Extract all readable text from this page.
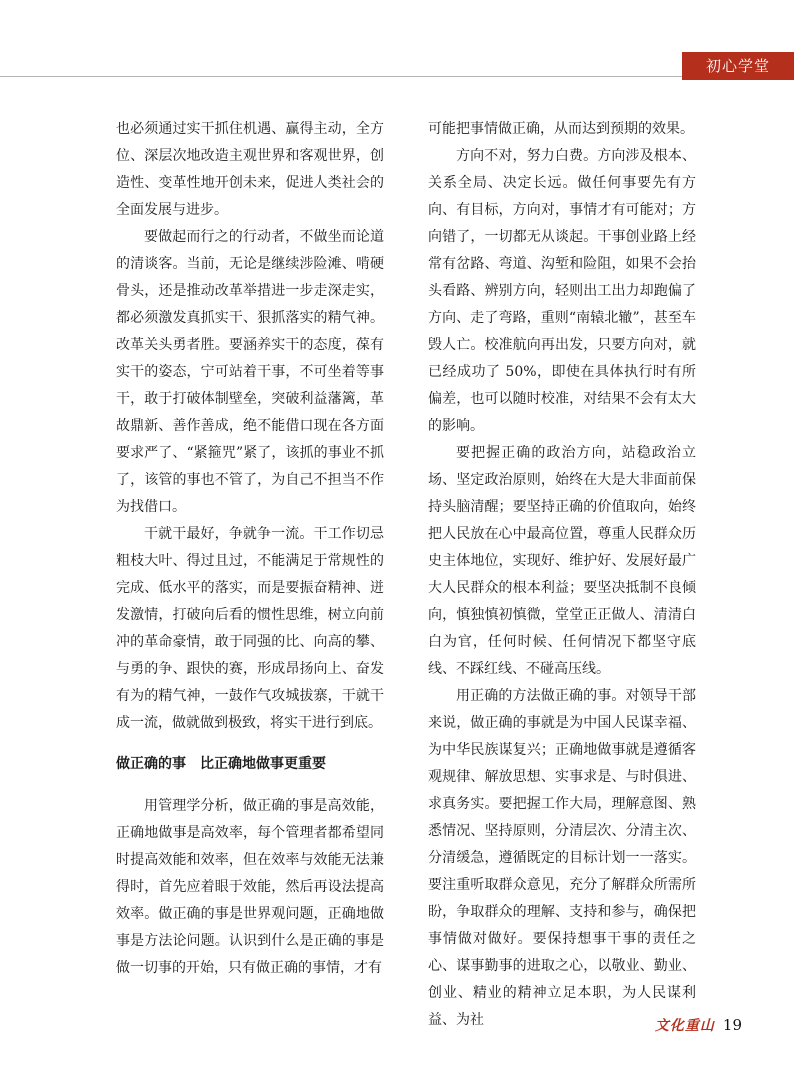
初心学堂

也必须通过实干抓住机遇、赢得主动，全方位、深层次地改造主观世界和客观世界，创造性、变革性地开创未来，促进人类社会的全面发展与进步。

要做起而行之的行动者，不做坐而论道的清谈客。当前，无论是继续涉险滩、啃硬骨头，还是推动改革举措进一步走深走实，都必须激发真抓实干、狠抓落实的精气神。改革关头勇者胜。要涵养实干的态度，葆有实干的姿态，宁可站着干事，不可坐着等事干，敢于打破体制壁垒，突破利益藩篱，革故鼎新、善作善成，绝不能借口现在各方面要求严了、“紧箍咒”紧了，该抓的事业不抓了，该管的事也不管了，为自己不担当不作为找借口。

干就干最好，争就争一流。干工作切忌粗枝大叶、得过且过，不能满足于常规性的完成、低水平的落实，而是要振奋精神、迸发激情，打破向后看的惯性思维，树立向前冲的革命豪情，敢于同强的比、向高的攀、与勇的争、跟快的赛，形成昂扬向上、奋发有为的精气神，一鼓作气攻城拔寨，干就干成一流，做就做到极致，将实干进行到底。

做正确的事　比正确地做事更重要

用管理学分析，做正确的事是高效能，正确地做事是高效率，每个管理者都希望同时提高效能和效率，但在效率与效能无法兼得时，首先应着眼于效能，然后再设法提高效率。做正确的事是世界观问题，正确地做事是方法论问题。认识到什么是正确的事是做一切事的开始，只有做正确的事情，才有

可能把事情做正确，从而达到预期的效果。

方向不对，努力白费。方向涉及根本、关系全局、决定长远。做任何事要先有方向、有目标，方向对，事情才有可能对；方向错了，一切都无从谈起。干事创业路上经常有岔路、弯道、沟堑和险阻，如果不会抬头看路、辨别方向，轻则出工出力却跑偏了方向、走了弯路，重则“南辕北辙”，甚至车毁人亡。校准航向再出发，只要方向对，就已经成功了 50%，即使在具体执行时有所偏差，也可以随时校准，对结果不会有太大的影响。

要把握正确的政治方向，站稳政治立场、坚定政治原则，始终在大是大非面前保持头脑清醒；要坚持正确的价值取向，始终把人民放在心中最高位置，尊重人民群众历史主体地位，实现好、维护好、发展好最广大人民群众的根本利益；要坚决抵制不良倾向，慎独慎初慎微，堂堂正正做人、清清白白为官，任何时候、任何情况下都坚守底线、不踩红线、不碰高压线。

用正确的方法做正确的事。对领导干部来说，做正确的事就是为中国人民谋幸福、为中华民族谋复兴；正确地做事就是遵循客观规律、解放思想、实事求是、与时俱进、求真务实。要把握工作大局，理解意图、熟悉情况、坚持原则，分清层次、分清主次、分清缓急，遵循既定的目标计划一一落实。要注重听取群众意见，充分了解群众所需所盼，争取群众的理解、支持和参与，确保把事情做对做好。要保持想事干事的责任之心、谋事勤事的进取之心，以敬业、勤业、创业、精业的精神立足本职，为人民谋利益、为社	文化重山 19
